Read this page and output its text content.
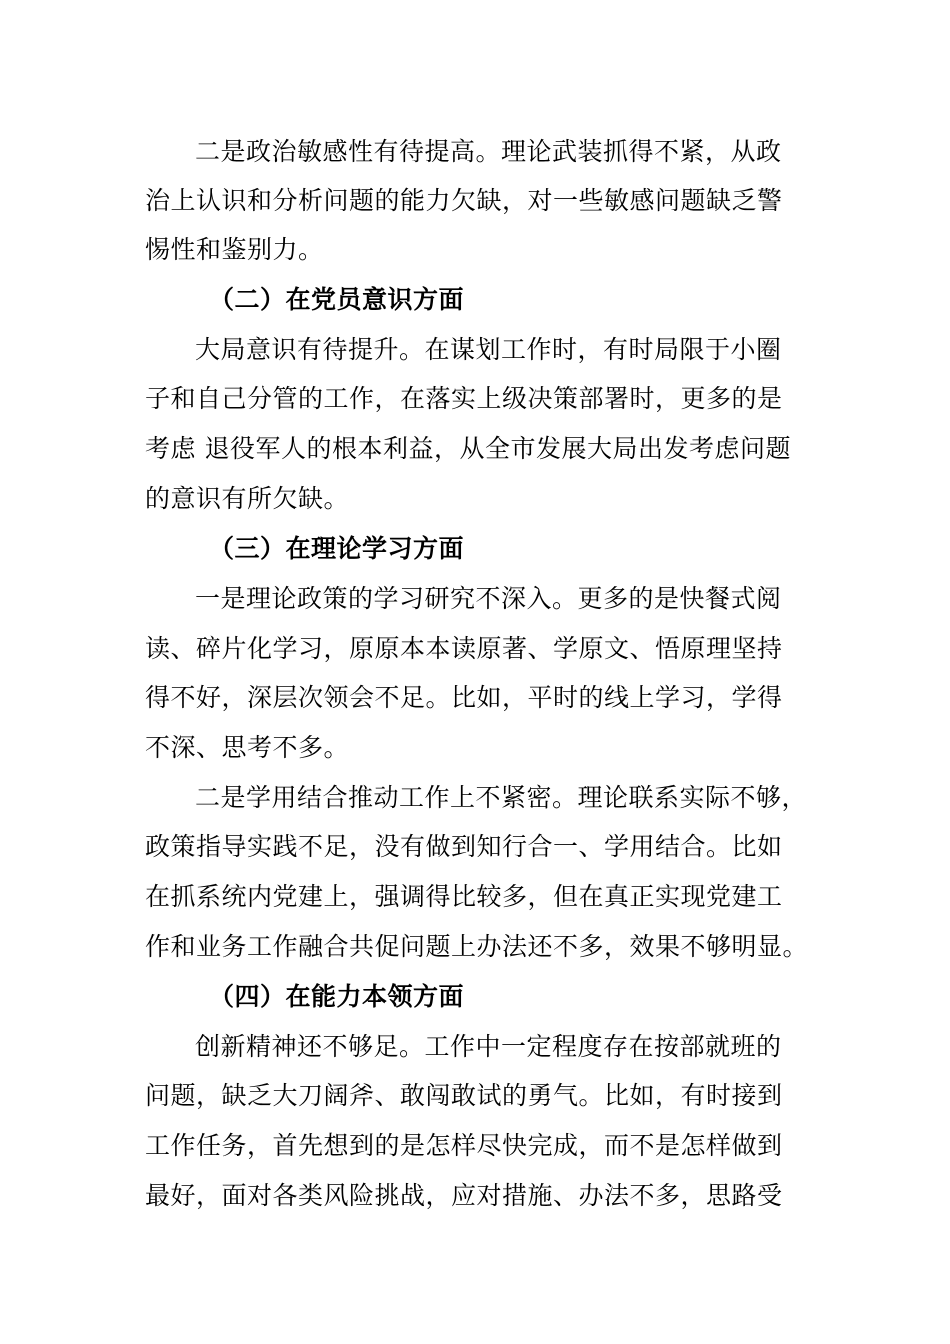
二是政治敏感性有待提高。理论武装抓得不紧，从政
治上认识和分析问题的能力欠缺，对一些敏感问题缺乏警
惕性和鉴别力。
（二）在党员意识方面
大局意识有待提升。在谋划工作时，有时局限于小圈
子和自己分管的工作，在落实上级决策部署时，更多的是
考虑 退役军人的根本利益，从全市发展大局出发考虑问题
的意识有所欠缺。
（三）在理论学习方面
一是理论政策的学习研究不深入。更多的是快餐式阅
读、碎片化学习，原原本本读原著、学原文、悟原理坚持
得不好，深层次领会不足。比如，平时的线上学习，学得
不深、思考不多。
二是学用结合推动工作上不紧密。理论联系实际不够，
政策指导实践不足，没有做到知行合一、学用结合。比如
在抓系统内党建上，强调得比较多，但在真正实现党建工
作和业务工作融合共促问题上办法还不多，效果不够明显。
（四）在能力本领方面
创新精神还不够足。工作中一定程度存在按部就班的
问题，缺乏大刀阔斧、敢闯敢试的勇气。比如，有时接到
工作任务，首先想到的是怎样尽快完成，而不是怎样做到
最好，面对各类风险挑战，应对措施、办法不多，思路受
